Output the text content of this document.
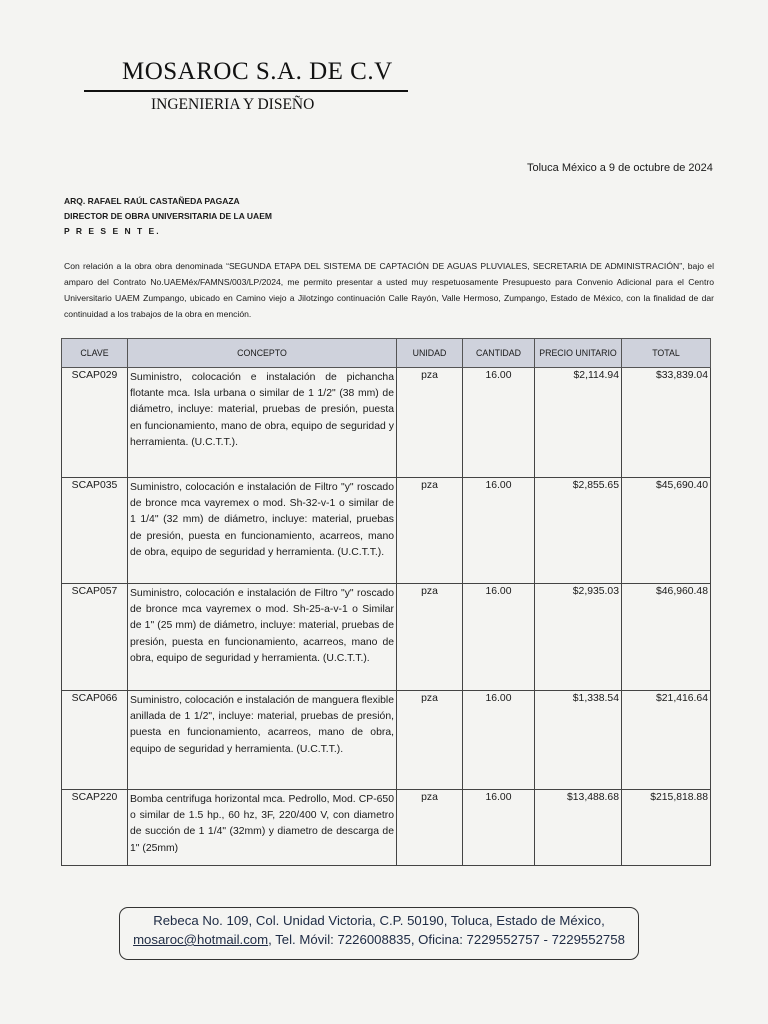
MOSAROC S.A. DE C.V
INGENIERIA Y DISEÑO
Toluca México a 9 de octubre de 2024
ARQ. RAFAEL RAÚL CASTAÑEDA PAGAZA
DIRECTOR DE OBRA UNIVERSITARIA DE LA UAEM
P R E S E N T E.
Con relación a la obra obra denominada “SEGUNDA ETAPA DEL SISTEMA DE CAPTACIÓN DE AGUAS PLUVIALES, SECRETARIA DE ADMINISTRACIÓN”, bajo el amparo del Contrato No.UAEMéx/FAMNS/003/LP/2024, me permito presentar a usted muy respetuosamente Presupuesto para Convenio Adicional para el Centro Universitario UAEM Zumpango, ubicado en Camino viejo a Jilotzingo continuación Calle Rayón, Valle Hermoso, Zumpango, Estado de México, con la finalidad de dar continuidad a los trabajos de la obra en mención.
CLAVE	CONCEPTO	UNIDAD	CANTIDAD	PRECIO UNITARIO	TOTAL
SCAP029	Suministro, colocación e instalación de pichancha flotante mca. Isla urbana o similar de 1 1/2" (38 mm) de diámetro, incluye: material, pruebas de presión, puesta en funcionamiento, mano de obra, equipo de seguridad y herramienta. (U.C.T.T.).	pza	16.00	$2,114.94	$33,839.04
SCAP035	Suministro, colocación e instalación de Filtro "y" roscado de bronce mca vayremex o mod. Sh-32-v-1 o similar de 1 1/4" (32 mm) de diámetro, incluye: material, pruebas de presión, puesta en funcionamiento, acarreos, mano de obra, equipo de seguridad y herramienta. (U.C.T.T.).	pza	16.00	$2,855.65	$45,690.40
SCAP057	Suministro, colocación e instalación de Filtro "y" roscado de bronce mca vayremex o mod. Sh-25-a-v-1 o Similar de 1" (25 mm) de diámetro, incluye: material, pruebas de presión, puesta en funcionamiento, acarreos, mano de obra, equipo de seguridad y herramienta. (U.C.T.T.).	pza	16.00	$2,935.03	$46,960.48
SCAP066	Suministro, colocación e instalación de manguera flexible anillada de 1 1/2", incluye: material, pruebas de presión, puesta en funcionamiento, acarreos, mano de obra, equipo de seguridad y herramienta. (U.C.T.T.).	pza	16.00	$1,338.54	$21,416.64
SCAP220	Bomba centrifuga horizontal mca. Pedrollo, Mod. CP-650 o similar de 1.5 hp., 60 hz, 3F, 220/400 V, con diametro de succión de 1 1/4" (32mm) y diametro de descarga de 1" (25mm)	pza	16.00	$13,488.68	$215,818.88
Rebeca No. 109, Col. Unidad Victoria, C.P. 50190, Toluca, Estado de México,
mosaroc@hotmail.com, Tel. Móvil: 7226008835, Oficina: 7229552757 - 7229552758
